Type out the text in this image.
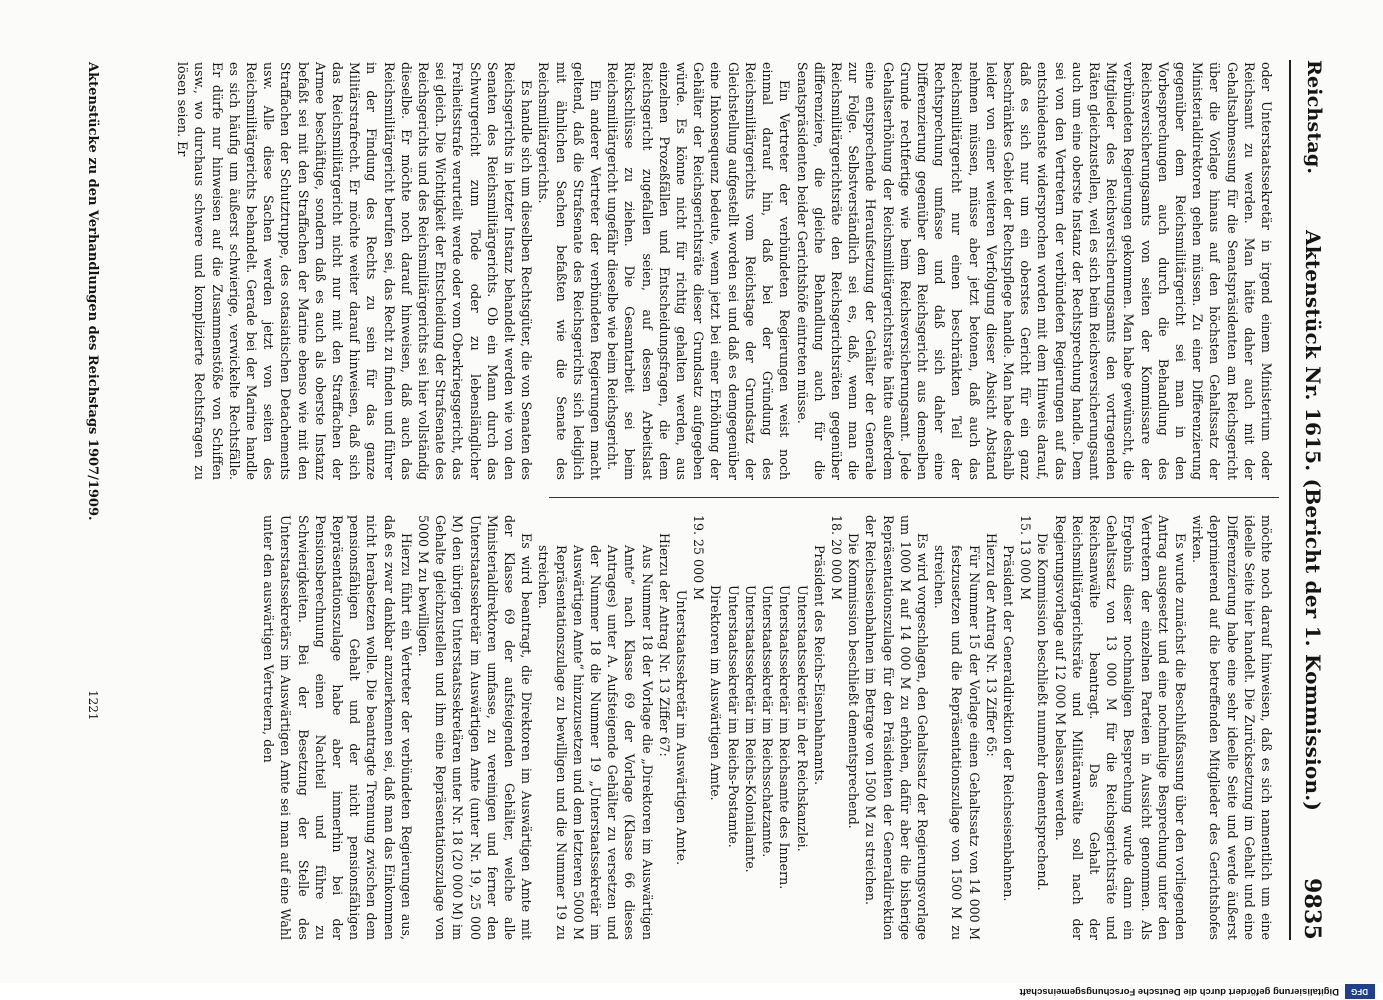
Reichstag.
Aktenstück Nr. 1615. (Bericht der 1. Kommission.)
9835

oder Unterstaatssekretär in irgend einem Ministerium oder Reichsamt zu werden. Man hätte daher auch mit der Gehaltsabmessung für die Senatspräsidenten am Reichsgericht über die Vorlage hinaus auf den höchsten Gehaltssatz der Ministerialdirektoren gehen müssen. Zu einer Differenzierung gegenüber dem Reichsmilitärgericht sei man in den Vorbesprechungen auch durch die Behandlung des Reichsversicherungsamts von seiten der Kommissare der verbündeten Regierungen gekommen. Man habe gewünscht, die Mitglieder des Reichsversicherungsamts den vortragenden Räten gleichzustellen, weil es sich beim Reichsversicherungsamt auch um eine oberste Instanz der Rechtsprechung handle. Dem sei von den Vertretern der verbündeten Regierungen auf das entschiedenste widersprochen worden mit dem Hinweis darauf, daß es sich nur um ein oberstes Gericht für ein ganz beschränktes Gebiet der Rechtspflege handle. Man habe deshalb leider von einer weiteren Verfolgung dieser Absicht Abstand nehmen müssen, müsse aber jetzt betonen, daß auch das Reichsmilitärgericht nur einen beschränkten Teil der Rechtsprechung umfasse und daß sich daher eine Differenzierung gegenüber dem Reichsgericht aus demselben Grunde rechtfertige wie beim Reichsversicherungsamt. Jede Gehaltserhöhung der Reichsmilitärgerichtsräte hätte außerdem eine entsprechende Heraufsetzung der Gehälter der Generale zur Folge. Selbstverständlich sei es, daß, wenn man die Reichsmilitärgerichtsräte den Reichsgerichtsräten gegenüber differenziere, die gleiche Behandlung auch für die Senatspräsidenten beider Gerichtshöfe eintreten müsse.

Ein Vertreter der verbündeten Regierungen weist noch einmal darauf hin, daß bei der Gründung des Reichsmilitärgerichts vom Reichstage der Grundsatz der Gleichstellung aufgestellt worden sei und daß es demgegenüber eine Inkonsequenz bedeute, wenn jetzt bei einer Erhöhung der Gehälter der Reichsgerichtsräte dieser Grundsatz aufgegeben würde. Es könne nicht für richtig gehalten werden, aus einzelnen Prozeßfällen und Entscheidungsfragen, die dem Reichsgericht zugefallen seien, auf dessen Arbeitslast Rückschlüsse zu ziehen. Die Gesamtarbeit sei beim Reichsmilitärgericht ungefähr dieselbe wie beim Reichsgericht.

Ein anderer Vertreter der verbündeten Regierungen macht geltend, daß die Strafsenate des Reichsgerichts sich lediglich mit ähnlichen Sachen befaßten wie die Senate des Reichsmilitärgerichts.

Es handle sich um dieselben Rechtsgüter, die von Senaten des Reichsgerichts in letzter Instanz behandelt werden wie von den Senaten des Reichsmilitärgerichts. Ob ein Mann durch das Schwurgericht zum Tode oder zu lebenslänglicher Freiheitsstrafe verurteilt werde oder vom Oberkriegsgericht, das sei gleich. Die Wichtigkeit der Entscheidung der Strafsenate des Reichsgerichts und des Reichsmilitärgerichts sei hier vollständig dieselbe. Er möchte noch darauf hinweisen, daß auch das Reichsmilitärgericht berufen sei, das Recht zu finden und führer in der Findung des Rechts zu sein für das ganze Militärstrafrecht. Er möchte weiter darauf hinweisen, daß sich das Reichsmilitärgericht nicht nur mit den Straffachen der Armee beschäftige, sondern daß es auch als oberste Instanz befaßt sei mit den Straffachen der Marine ebenso wie mit den Straffachen der Schutztruppe, des ostasiatischen Detachements usw. Alle diese Sachen werden jetzt von seiten des Reichsmilitärgerichts behandelt. Gerade bei der Marine handle es sich häufig um äußerst schwierige, verwickelte Rechtsfälle. Er dürfe nur hinweisen auf die Zusammenstöße von Schiffen usw., wo durchaus schwere und komplizierte Rechtsfragen zu lösen seien. Er

möchte noch darauf hinweisen, daß es sich namentlich um eine ideelle Seite hier handelt. Die Zurücksetzung im Gehalt und eine Differenzierung habe eine sehr ideelle Seite und werde äußerst deprimierend auf die betreffenden Mitglieder des Gerichtshofes wirken.

Es wurde zunächst die Beschlußfassung über den vorliegenden Antrag ausgesetzt und eine nochmalige Besprechung unter den Vertretern der einzelnen Parteien in Aussicht genommen. Als Ergebnis dieser nochmaligen Besprechung wurde dann ein Gehaltssatz von 13 000 M für die Reichsgerichtsräte und Reichsanwälte beantragt. Das Gehalt der Reichsmilitärgerichtsräte und Militäranwälte soll nach der Regierungsvorlage auf 12 000 M belassen werden.

Die Kommission beschließt nunmehr dementsprechend.

15. 13 000 M

Präsident der Generaldirektion der Reichseisenbahnen.

Hierzu der Antrag Nr. 13 Ziffer 65:

Für Nummer 15 der Vorlage einen Gehaltssatz von 14 000 M festzusetzen und die Repräsentationszulage von 1500 M zu streichen.

Es wird vorgeschlagen, den Gehaltssatz der Regierungsvorlage um 1000 M auf 14 000 M zu erhöhen, dafür aber die bisherige Repräsentationszulage für den Präsidenten der Generaldirektion der Reichseisenbahnen im Betrage von 1500 M zu streichen.

Die Kommission beschließt dementsprechend.

18. 20 000 M

Präsident des Reichs-Eisenbahnamts.

Unterstaatssekretär in der Reichskanzlei.

Unterstaatssekretär im Reichsamte des Innern.

Unterstaatssekretär im Reichsschatzamte.

Unterstaatssekretär im Reichs-Kolonialamte.

Unterstaatssekretär im Reichs-Postamte.

Direktoren im Auswärtigen Amte.

19. 25 000 M

Unterstaatssekretär im Auswärtigen Amte.

Hierzu der Antrag Nr. 13 Ziffer 67:

Aus Nummer 18 der Vorlage die „Direktoren im Auswärtigen Amte“ nach Klasse 69 der Vorlage (Klasse 66 dieses Antrages) unter A. Aufsteigende Gehälter zu versetzen und der Nummer 18 die Nummer 19 „Unterstaatssekretär im Auswärtigen Amte“ hinzuzusetzen und dem letzteren 5000 M Repräsentationszulage zu bewilligen und die Nummer 19 zu streichen.

Es wird beantragt, die Direktoren im Auswärtigen Amte mit der Klasse 69 der aufsteigenden Gehälter, welche alle Ministerialdirektoren umfasse, zu vereinigen und ferner den Unterstaatssekretär im Auswärtigen Amte (unter Nr. 19, 25 000 M) den übrigen Unterstaatssekretären unter Nr. 18 (20 000 M) im Gehalte gleichzustellen und ihm eine Repräsentationszulage von 5000 M zu bewilligen.

Hierzu führt ein Vertreter der verbündeten Regierungen aus, daß es zwar dankbar anzuerkennen sei, daß man das Einkommen nicht herabsetzen wolle. Die beantragte Trennung zwischen dem pensionsfähigen Gehalt und der nicht pensionsfähigen Repräsentationszulage habe aber immerhin bei der Pensionsberechnung einen Nachteil und führe zu Schwierigkeiten. Bei der Besetzung der Stelle des Unterstaatssekretärs im Auswärtigen Amte sei man auf eine Wahl unter den auswärtigen Vertretern, den

Aktenstücke zu den Verhandlungen des Reichstags 1907/1909.
1221
DFG
Digitalisierung gefördert durch die Deutsche Forschungsgemeinschaft
